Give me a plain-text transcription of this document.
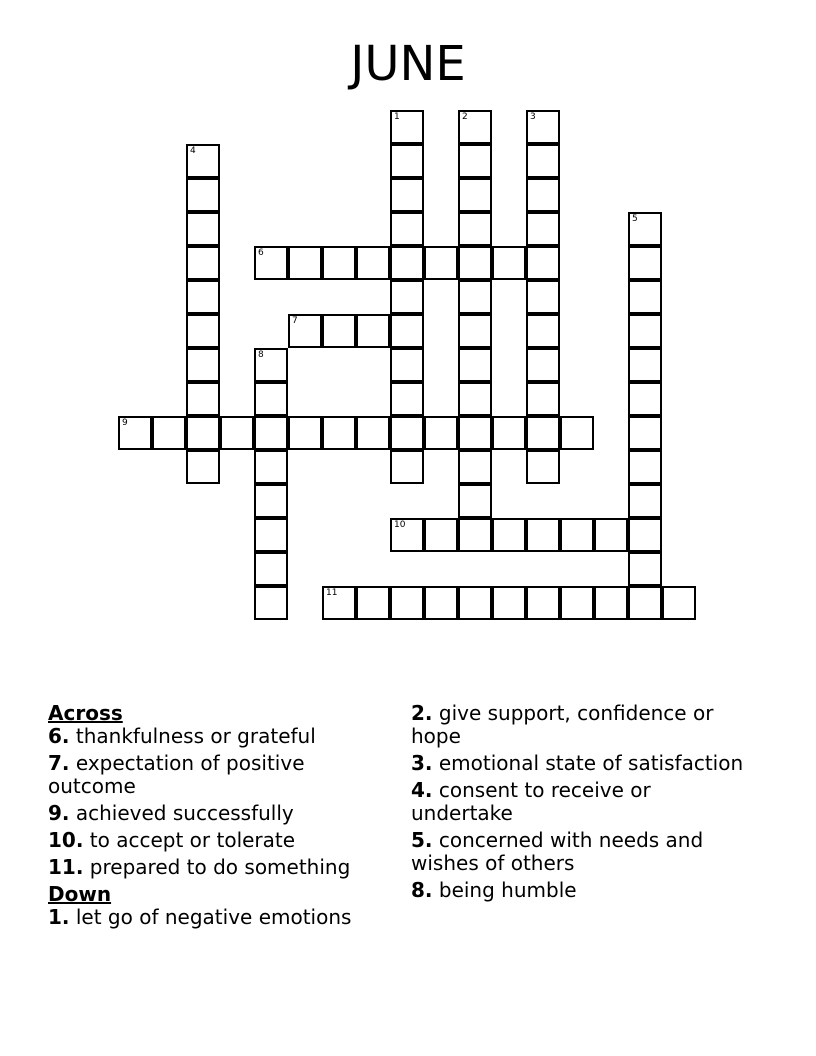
JUNE
6
7
9
10
11
1	2	3
4
5
8
Across
6. thankfulness or grateful
7. expectation of positive outcome
9. achieved successfully
10. to accept or tolerate
11. prepared to do something
Down
1. let go of negative emotions
2. give support, confidence or hope
3. emotional state of satisfaction
4. consent to receive or undertake
5. concerned with needs and wishes of others
8. being humble
